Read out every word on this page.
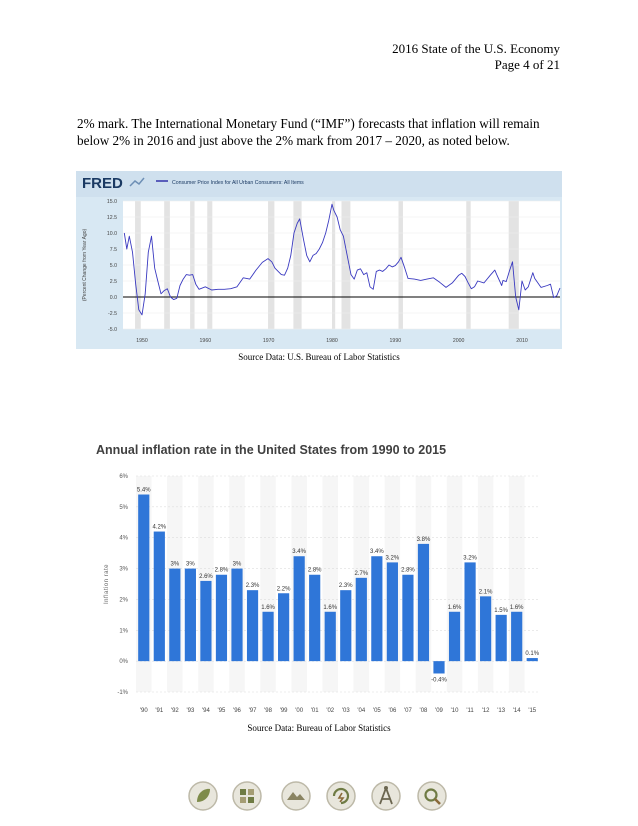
2016 State of the U.S. Economy
Page 4 of 21
2% mark. The International Monetary Fund (“IMF”) forecasts that inflation will remain below 2% in 2016 and just above the 2% mark from 2017 – 2020, as noted below.
FRED	Consumer Price Index for All Urban Consumers: All Items
15.0
12.5
10.0
7.5
5.0
2.5
0.0
-2.5
-5.0
1950	1960	1970	1980	1990	2000	2010
(Percent Change from Year Ago)
Source Data: U.S. Bureau of Labor Statistics
Annual inflation rate in the United States from 1990 to 2015
6%
5%
4%
3%
2%
1%
0%
-1%
Inflation rate
5.4%
'90
4.2%
'91
3%
'92
3%
'93
2.6%
'94
2.8%
'95
3%
'96
2.3%
'97
1.6%
'98
2.2%
'99
3.4%
'00
2.8%
'01
1.6%
'02
2.3%
'03
2.7%
'04
3.4%
'05
3.2%
'06
2.8%
'07
3.8%
'08
-0.4%
'09
1.6%
'10
3.2%
'11
2.1%
'12
1.5%
'13
1.6%
'14
0.1%
'15
Source Data: Bureau of Labor Statistics
